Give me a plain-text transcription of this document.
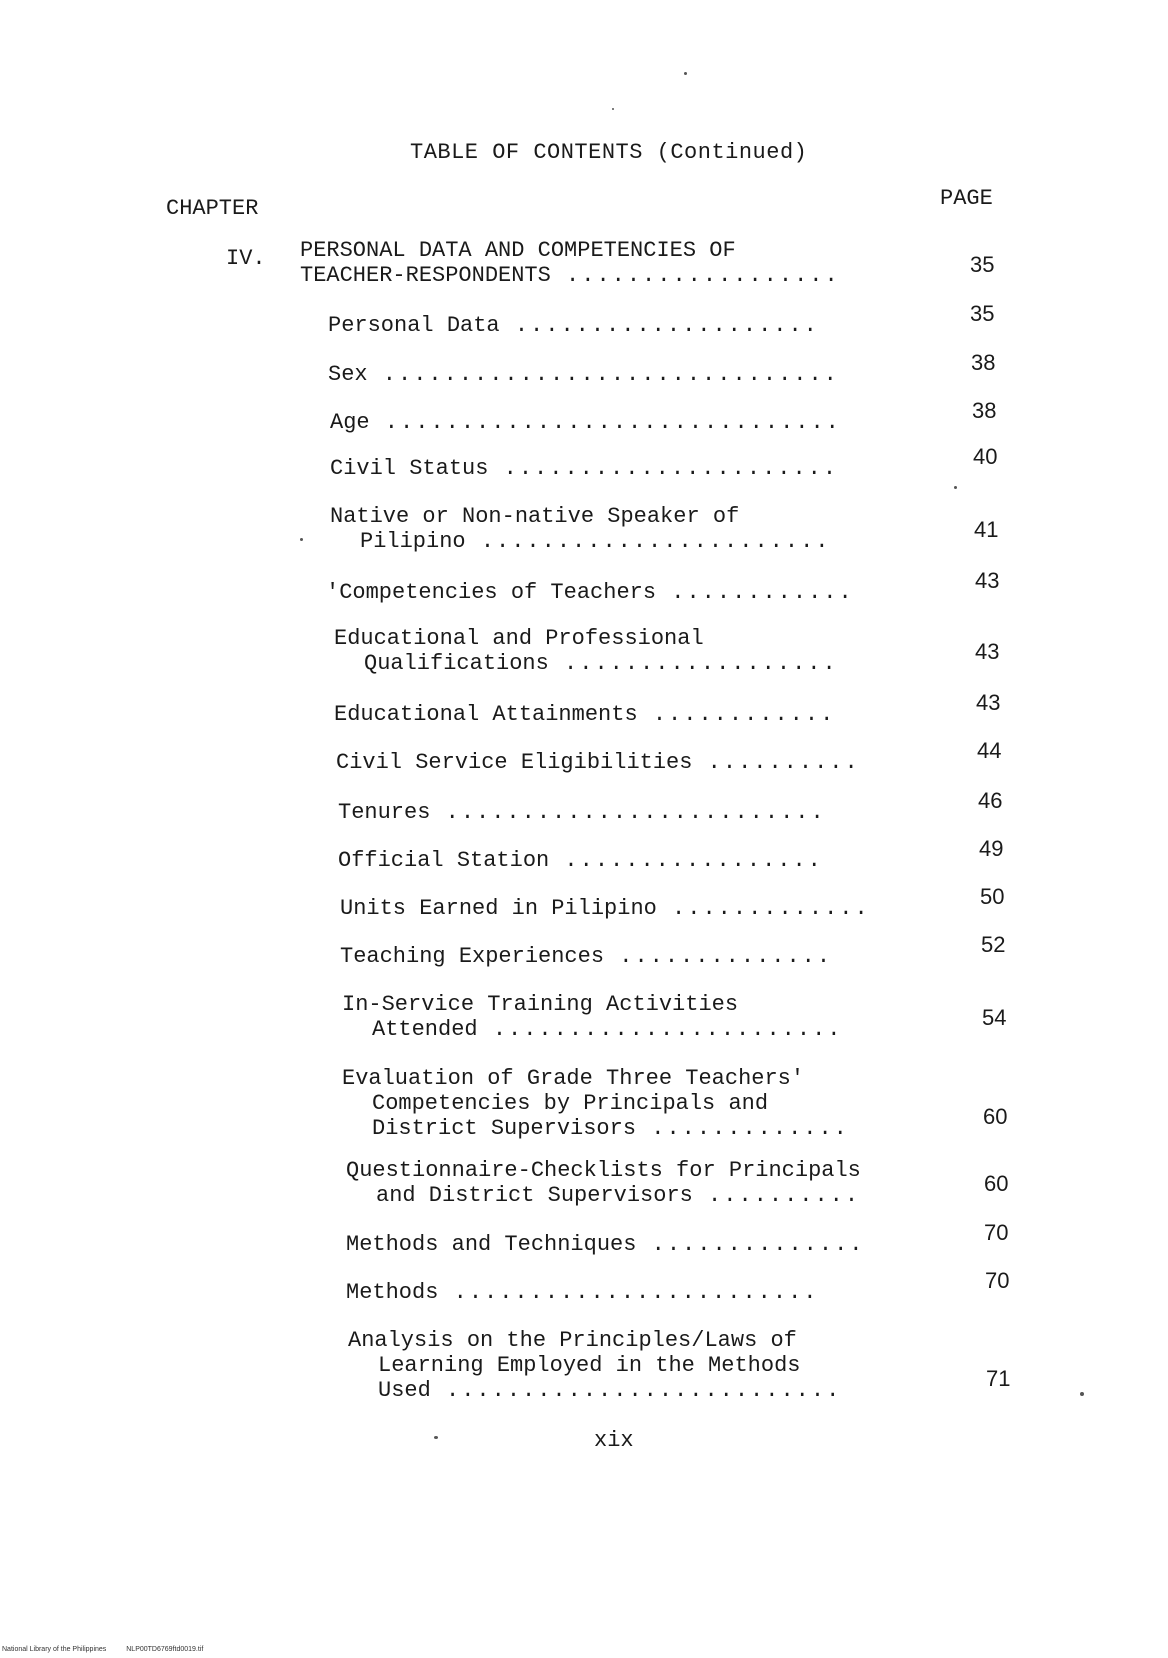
TABLE OF CONTENTS (Continued)
CHAPTER	PAGE
IV. PERSONAL DATA AND COMPETENCIES OF
TEACHER-RESPONDENTS ..................	35
Personal Data ....................	35
Sex ..............................	38
Age ..............................	38
Civil Status ......................	40
Native or Non-native Speaker of
Pilipino .......................	41
'Competencies of Teachers ............	43
Educational and Professional
Qualifications ..................	43
Educational Attainments ............	43
Civil Service Eligibilities ..........	44
Tenures .........................	46
Official Station .................	49
Units Earned in Pilipino .............	50
Teaching Experiences ..............	52
In-Service Training Activities
Attended .......................	54
Evaluation of Grade Three Teachers'
Competencies by Principals and
District Supervisors .............	60
Questionnaire-Checklists for Principals
and District Supervisors ..........	60
Methods and Techniques ..............	70
Methods ........................	70
Analysis on the Principles/Laws of
Learning Employed in the Methods
Used ..........................	71
xix
National Library of the Philippines	NLP00TD6769ftd0019.tif
